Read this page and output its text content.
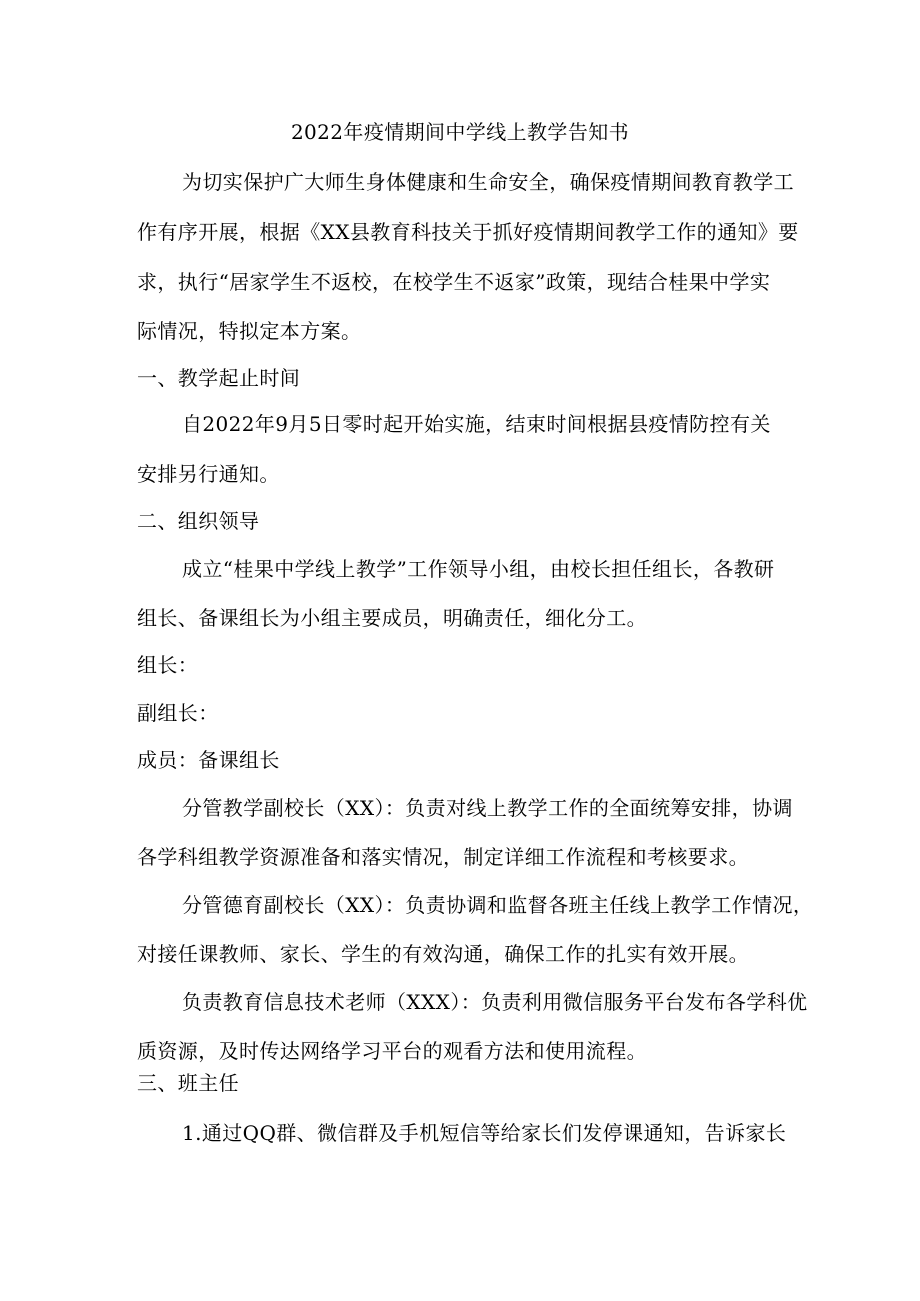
2022年疫情期间中学线上教学告知书
为切实保护广大师生身体健康和生命安全，确保疫情期间教育教学工
作有序开展，根据《XX县教育科技关于抓好疫情期间教学工作的通知》要
求，执行“居家学生不返校，在校学生不返家”政策，现结合桂果中学实
际情况，特拟定本方案。
一、教学起止时间
自2022年9月5日零时起开始实施，结束时间根据县疫情防控有关
安排另行通知。
二、组织领导
成立“桂果中学线上教学”工作领导小组，由校长担任组长，各教研
组长、备课组长为小组主要成员，明确责任，细化分工。
组长：
副组长：
成员：备课组长
分管教学副校长（XX）：负责对线上教学工作的全面统筹安排，协调
各学科组教学资源准备和落实情况，制定详细工作流程和考核要求。
分管德育副校长（XX）：负责协调和监督各班主任线上教学工作情况，
对接任课教师、家长、学生的有效沟通，确保工作的扎实有效开展。
负责教育信息技术老师（XXX）：负责利用微信服务平台发布各学科优
质资源，及时传达网络学习平台的观看方法和使用流程。
三、班主任
1.通过QQ群、微信群及手机短信等给家长们发停课通知，告诉家长
